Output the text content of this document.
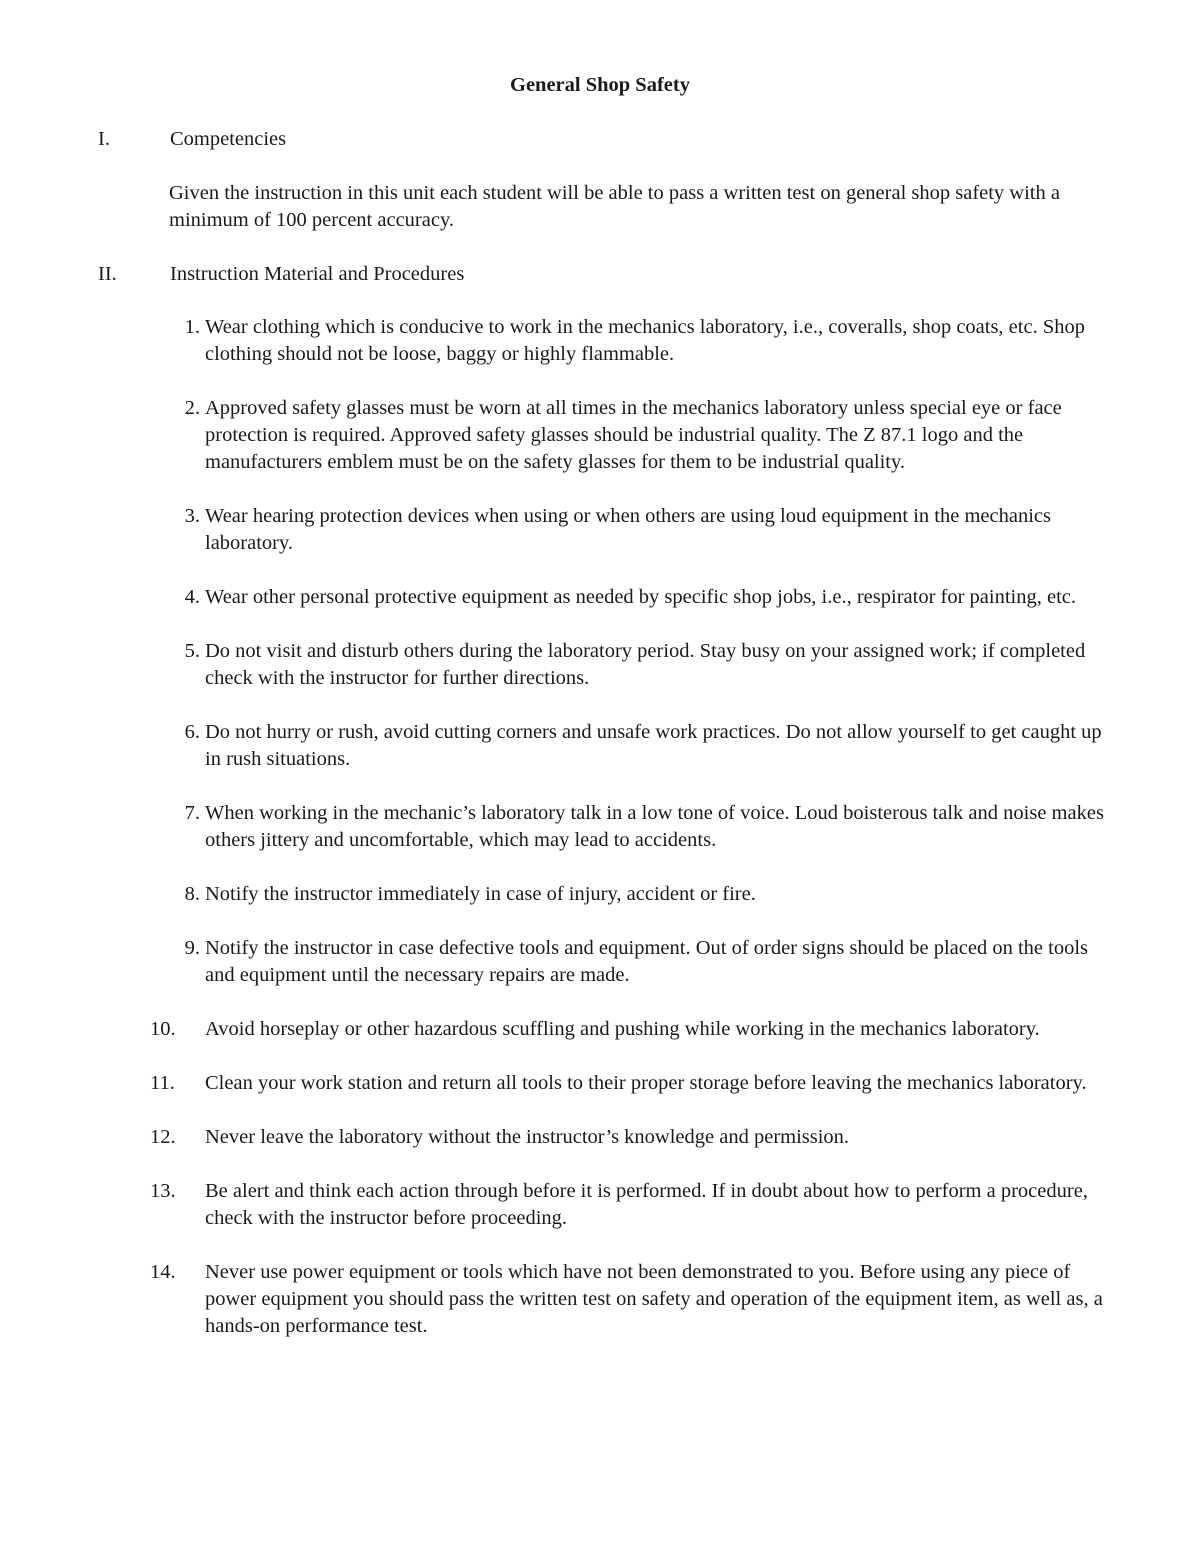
General Shop Safety
I.	Competencies

Given the instruction in this unit each student will be able to pass a written test on general shop safety with a minimum of 100 percent accuracy.

II.	Instruction Material and Procedures
1. Wear clothing which is conducive to work in the mechanics laboratory, i.e., coveralls, shop coats, etc. Shop clothing should not be loose, baggy or highly flammable.
2. Approved safety glasses must be worn at all times in the mechanics laboratory unless special eye or face protection is required. Approved safety glasses should be industrial quality. The Z 87.1 logo and the manufacturers emblem must be on the safety glasses for them to be industrial quality.
3. Wear hearing protection devices when using or when others are using loud equipment in the mechanics laboratory.
4. Wear other personal protective equipment as needed by specific shop jobs, i.e., respirator for painting, etc.
5. Do not visit and disturb others during the laboratory period. Stay busy on your assigned work; if completed check with the instructor for further directions.
6. Do not hurry or rush, avoid cutting corners and unsafe work practices. Do not allow yourself to get caught up in rush situations.
7. When working in the mechanic’s laboratory talk in a low tone of voice. Loud boisterous talk and noise makes others jittery and uncomfortable, which may lead to accidents.
8. Notify the instructor immediately in case of injury, accident or fire.
9. Notify the instructor in case defective tools and equipment. Out of order signs should be placed on the tools and equipment until the necessary repairs are made.
10.	Avoid horseplay or other hazardous scuffling and pushing while working in the mechanics laboratory.
11.	Clean your work station and return all tools to their proper storage before leaving the mechanics laboratory.
12.	Never leave the laboratory without the instructor’s knowledge and permission.
13.	Be alert and think each action through before it is performed. If in doubt about how to perform a procedure, check with the instructor before proceeding.
14.	Never use power equipment or tools which have not been demonstrated to you. Before using any piece of power equipment you should pass the written test on safety and operation of the equipment item, as well as, a hands-on performance test.
